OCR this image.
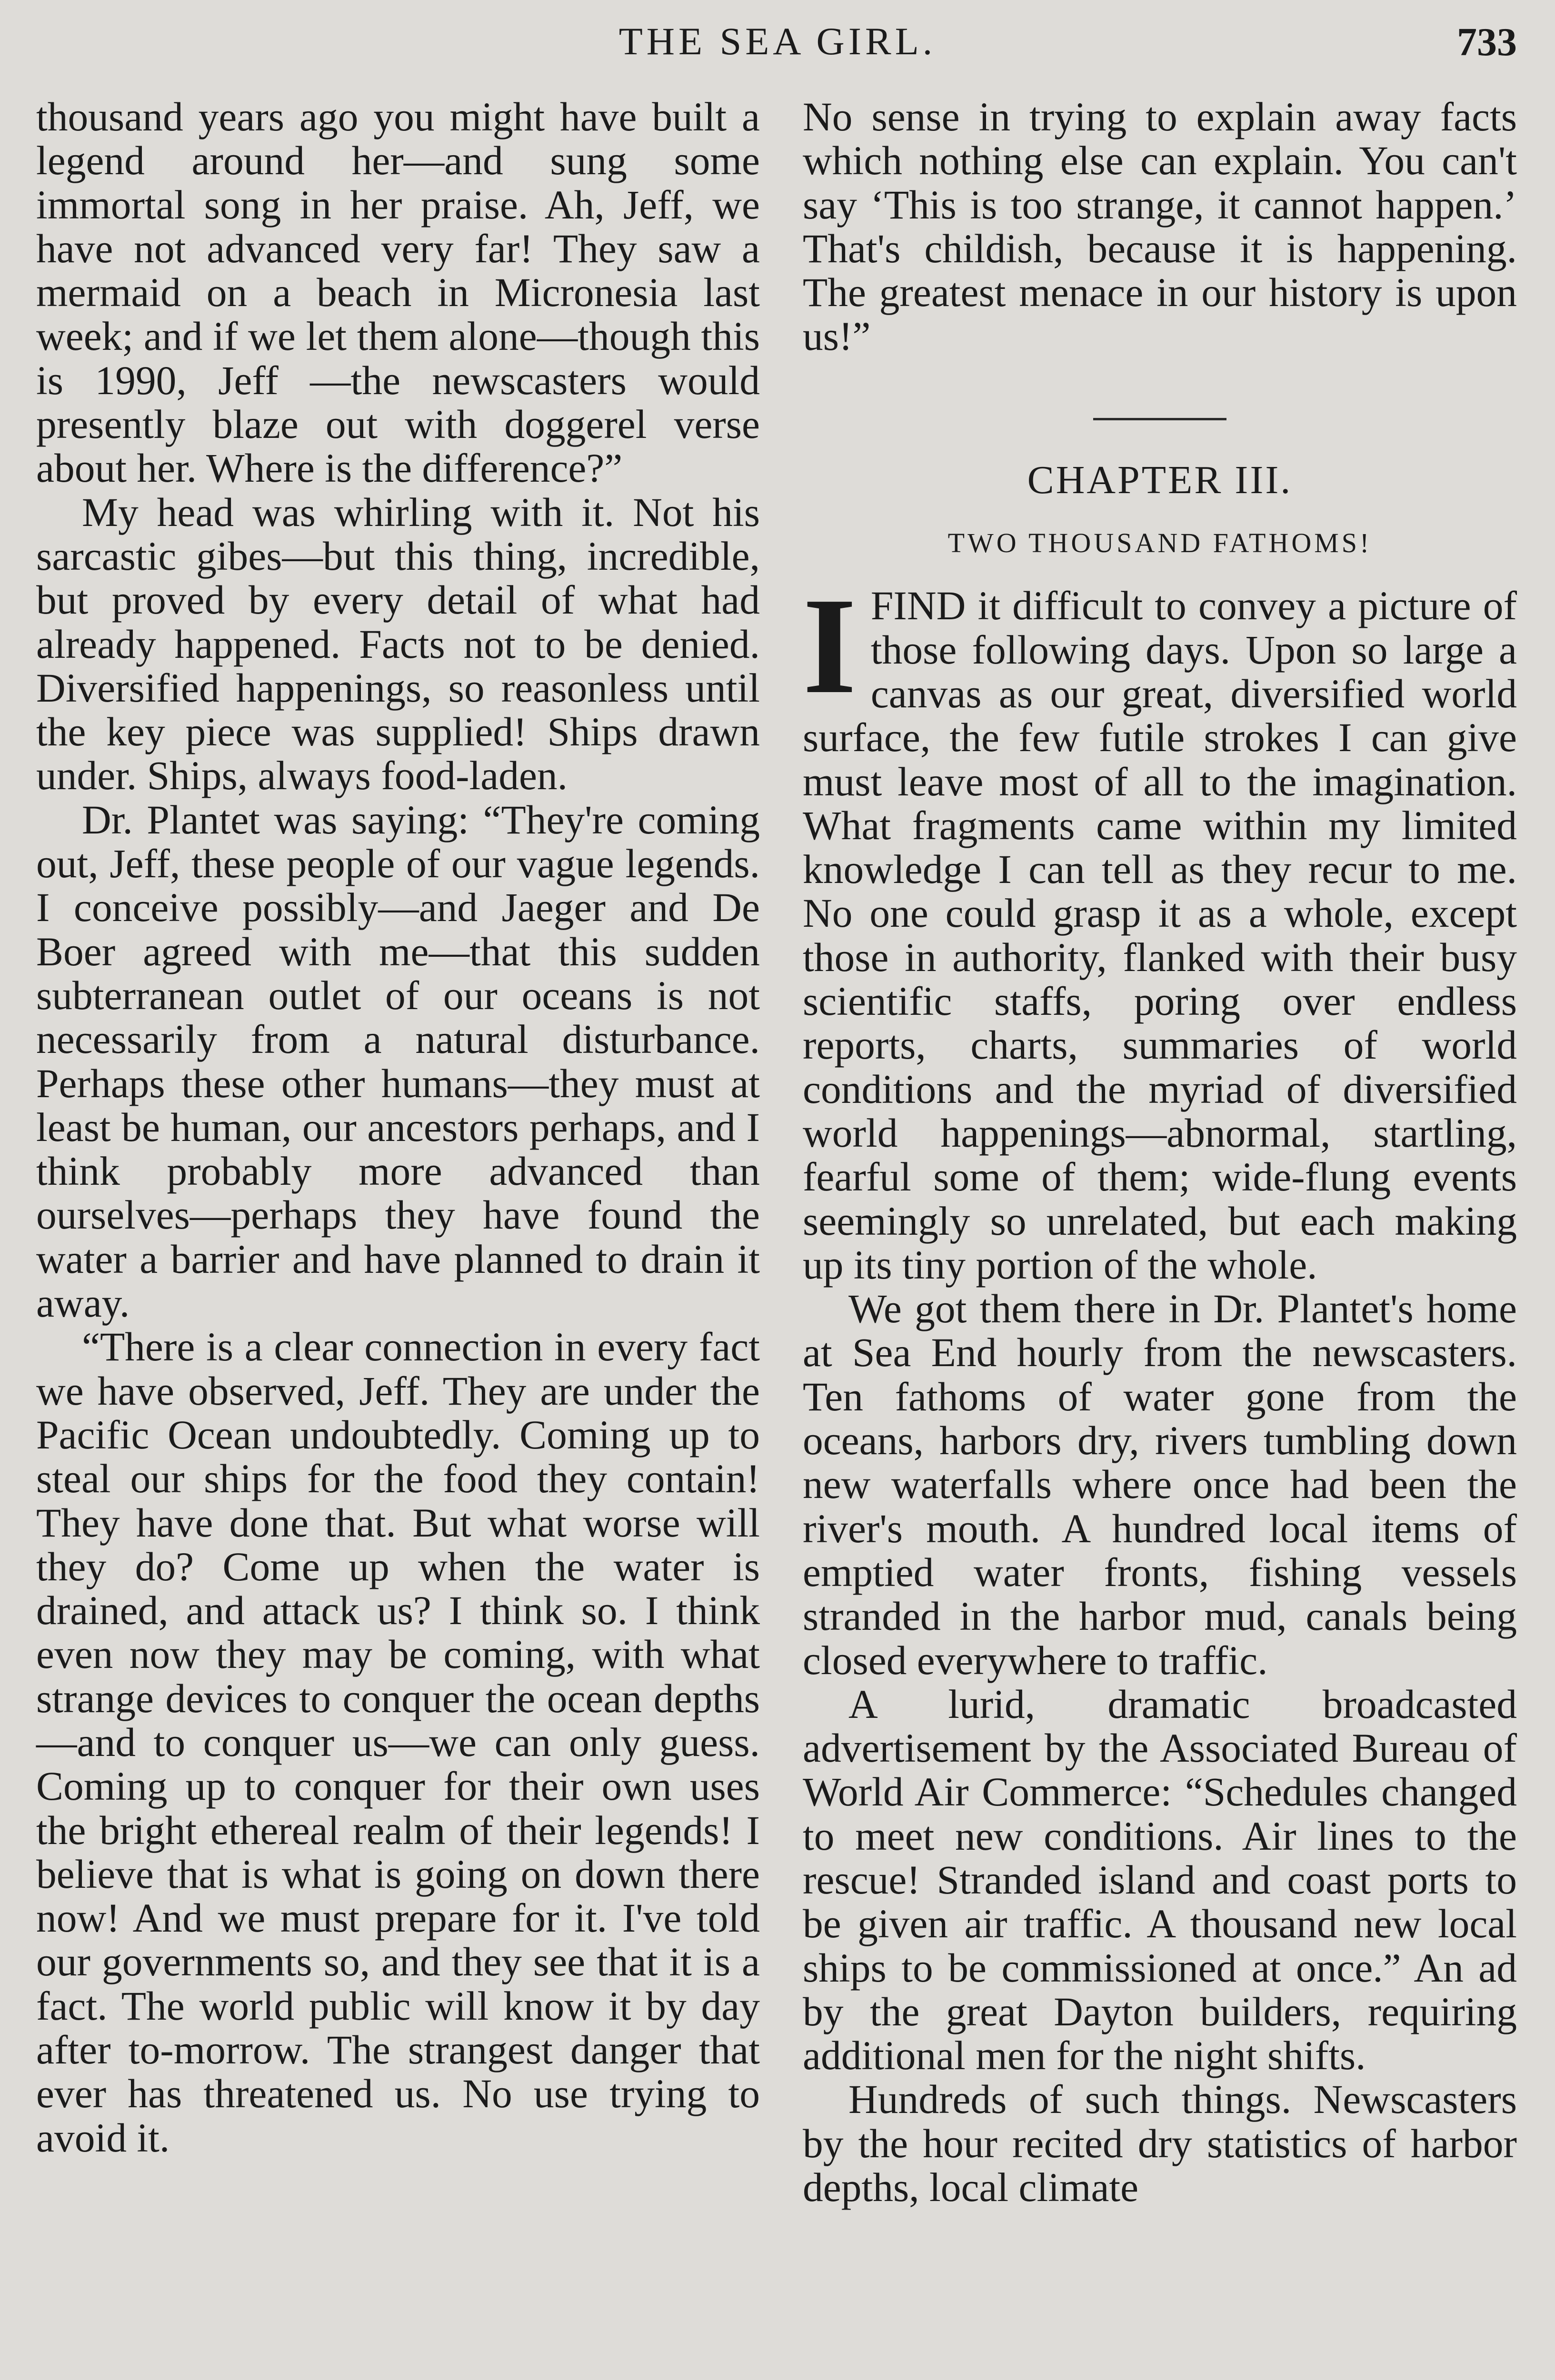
THE SEA GIRL.	733

thousand years ago you might have built a legend around her—and sung some immortal song in her praise. Ah, Jeff, we have not advanced very far! They saw a mermaid on a beach in Micronesia last week; and if we let them alone—though this is 1990, Jeff —the newscasters would presently blaze out with doggerel verse about her. Where is the difference?”

My head was whirling with it. Not his sarcastic gibes—but this thing, incredible, but proved by every detail of what had already happened. Facts not to be denied. Diversified happenings, so reasonless until the key piece was supplied! Ships drawn under. Ships, always food-laden.

Dr. Plantet was saying: “They're coming out, Jeff, these people of our vague legends. I conceive possibly—and Jaeger and De Boer agreed with me—that this sudden subterranean outlet of our oceans is not necessarily from a natural disturbance. Perhaps these other humans—they must at least be human, our ancestors perhaps, and I think probably more advanced than ourselves—perhaps they have found the water a barrier and have planned to drain it away.

“There is a clear connection in every fact we have observed, Jeff. They are under the Pacific Ocean undoubtedly. Coming up to steal our ships for the food they contain! They have done that. But what worse will they do? Come up when the water is drained, and attack us? I think so. I think even now they may be coming, with what strange devices to conquer the ocean depths—and to conquer us—we can only guess. Coming up to conquer for their own uses the bright ethereal realm of their legends! I believe that is what is going on down there now! And we must prepare for it. I've told our governments so, and they see that it is a fact. The world public will know it by day after to-morrow. The strangest danger that ever has threatened us. No use trying to avoid it.

No sense in trying to explain away facts which nothing else can explain. You can't say ‘This is too strange, it cannot happen.’ That's childish, because it is happening. The greatest menace in our history is upon us!”

CHAPTER III.
TWO THOUSAND FATHOMS!

IFIND it difficult to convey a picture of those following days. Upon so large a canvas as our great, diversified world surface, the few futile strokes I can give must leave most of all to the imagination. What fragments came within my limited knowledge I can tell as they recur to me. No one could grasp it as a whole, except those in authority, flanked with their busy scientific staffs, poring over endless reports, charts, summaries of world conditions and the myriad of diversified world happenings—abnormal, startling, fearful some of them; wide-flung events seemingly so unrelated, but each making up its tiny portion of the whole.

We got them there in Dr. Plantet's home at Sea End hourly from the newscasters. Ten fathoms of water gone from the oceans, harbors dry, rivers tumbling down new waterfalls where once had been the river's mouth. A hundred local items of emptied water fronts, fishing vessels stranded in the harbor mud, canals being closed everywhere to traffic.

A lurid, dramatic broadcasted advertisement by the Associated Bureau of World Air Commerce: “Schedules changed to meet new conditions. Air lines to the rescue! Stranded island and coast ports to be given air traffic. A thousand new local ships to be commissioned at once.” An ad by the great Dayton builders, requiring additional men for the night shifts.

Hundreds of such things. Newscasters by the hour recited dry statistics of harbor depths, local climate
